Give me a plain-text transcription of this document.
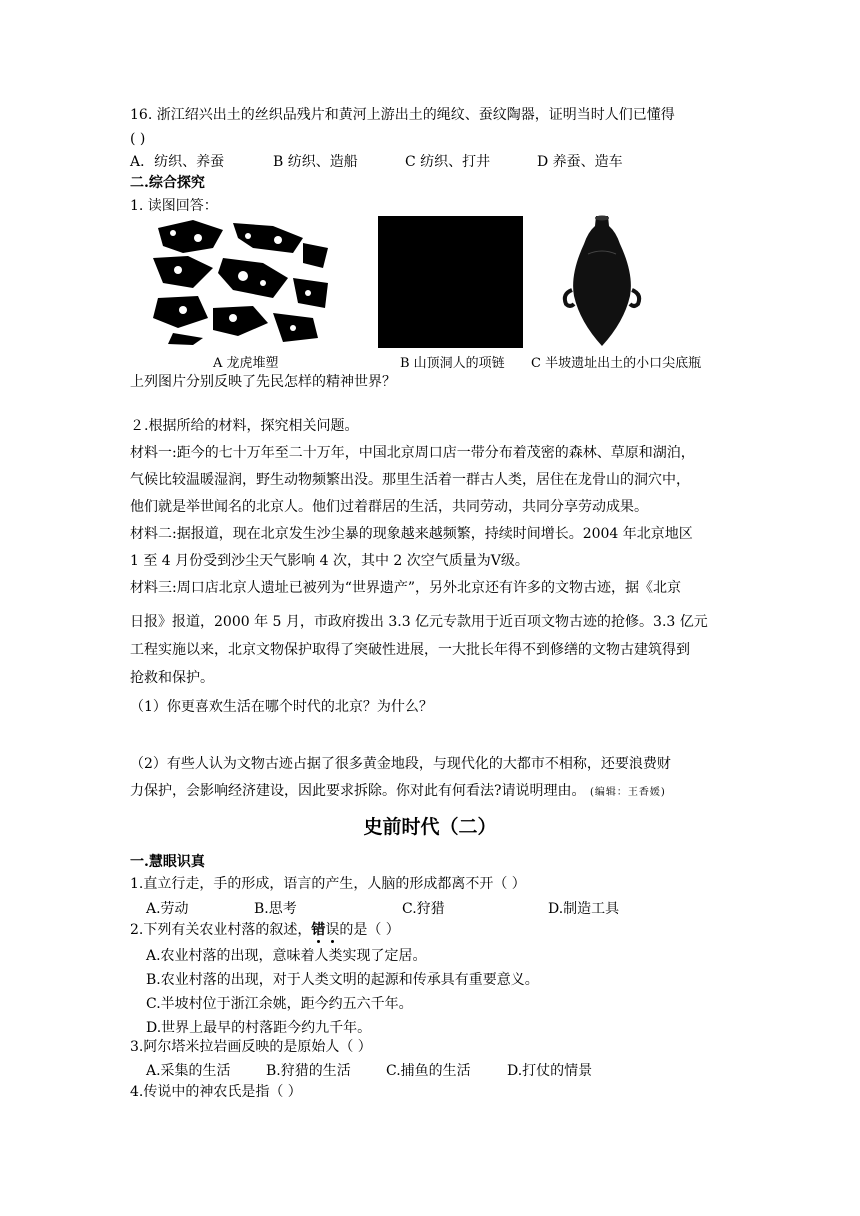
16. 浙江绍兴出土的丝织品残片和黄河上游出土的绳纹、蚕纹陶器，证明当时人们已懂得
( )
A．纺织、养蚕	B 纺织、造船	C 纺织、打井	D 养蚕、造车
二.综合探究
1. 读图回答：
A 龙虎堆塑	B 山顶洞人的项链 C 半坡遗址出土的小口尖底瓶
上列图片分别反映了先民怎样的精神世界？
２.根据所给的材料，探究相关问题。
材料一:距今的七十万年至二十万年，中国北京周口店一带分布着茂密的森林、草原和湖泊，
气候比较温暖湿润，野生动物频繁出没。那里生活着一群古人类，居住在龙骨山的洞穴中，
他们就是举世闻名的北京人。他们过着群居的生活，共同劳动，共同分享劳动成果。
材料二:据报道，现在北京发生沙尘暴的现象越来越频繁，持续时间增长。2004 年北京地区
1 至 4 月份受到沙尘天气影响 4 次，其中 2 次空气质量为Ⅴ级。
材料三:周口店北京人遗址已被列为“世界遗产”，另外北京还有许多的文物古迹，据《北京
日报》报道，2000 年 5 月，市政府拨出 3.3 亿元专款用于近百项文物古迹的抢修。3.3 亿元
工程实施以来，北京文物保护取得了突破性进展，一大批长年得不到修缮的文物古建筑得到
抢救和保护。
（1）你更喜欢生活在哪个时代的北京？为什么？
（2）有些人认为文物古迹占据了很多黄金地段，与现代化的大都市不相称，还要浪费财
力保护，会影响经济建设，因此要求拆除。你对此有何看法?请说明理由。 (编辑：王香媛)
史前时代（二）
一.慧眼识真
1.直立行走，手的形成，语言的产生，人脑的形成都离不开（ ）
A.劳动	B.思考	C.狩猎	D.制造工具
2.下列有关农业村落的叙述，错误的是（ ）
A.农业村落的出现，意味着人类实现了定居。
B.农业村落的出现，对于人类文明的起源和传承具有重要意义。
C.半坡村位于浙江余姚，距今约五六千年。
D.世界上最早的村落距今约九千年。
3.阿尔塔米拉岩画反映的是原始人（ ）
A.采集的生活	B.狩猎的生活	C.捕鱼的生活	D.打仗的情景
4.传说中的神农氏是指（ ）
